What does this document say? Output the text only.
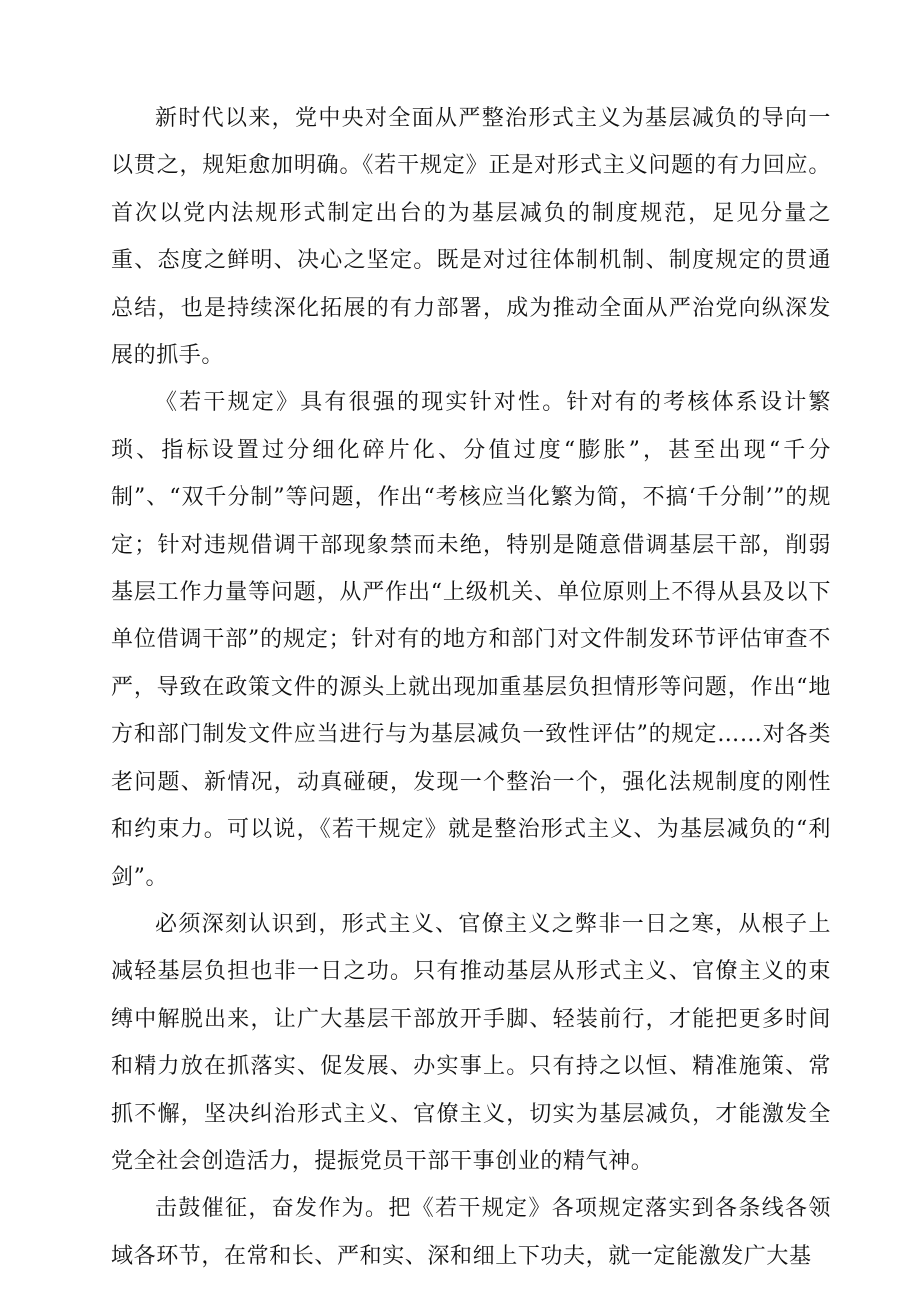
新时代以来，党中央对全面从严整治形式主义为基层减负的导向一以贯之，规矩愈加明确。《若干规定》正是对形式主义问题的有力回应。首次以党内法规形式制定出台的为基层减负的制度规范，足见分量之重、态度之鲜明、决心之坚定。既是对过往体制机制、制度规定的贯通总结，也是持续深化拓展的有力部署，成为推动全面从严治党向纵深发展的抓手。

《若干规定》具有很强的现实针对性。针对有的考核体系设计繁琐、指标设置过分细化碎片化、分值过度“膨胀”，甚至出现“千分制”、“双千分制”等问题，作出“考核应当化繁为简，不搞‘千分制’”的规定；针对违规借调干部现象禁而未绝，特别是随意借调基层干部，削弱基层工作力量等问题，从严作出“上级机关、单位原则上不得从县及以下单位借调干部”的规定；针对有的地方和部门对文件制发环节评估审查不严，导致在政策文件的源头上就出现加重基层负担情形等问题，作出“地方和部门制发文件应当进行与为基层减负一致性评估”的规定……对各类老问题、新情况，动真碰硬，发现一个整治一个，强化法规制度的刚性和约束力。可以说，《若干规定》就是整治形式主义、为基层减负的“利剑”。

必须深刻认识到，形式主义、官僚主义之弊非一日之寒，从根子上减轻基层负担也非一日之功。只有推动基层从形式主义、官僚主义的束缚中解脱出来，让广大基层干部放开手脚、轻装前行，才能把更多时间和精力放在抓落实、促发展、办实事上。只有持之以恒、精准施策、常抓不懈，坚决纠治形式主义、官僚主义，切实为基层减负，才能激发全党全社会创造活力，提振党员干部干事创业的精气神。

击鼓催征，奋发作为。把《若干规定》各项规定落实到各条线各领域各环节，在常和长、严和实、深和细上下功夫，就一定能激发广大基
